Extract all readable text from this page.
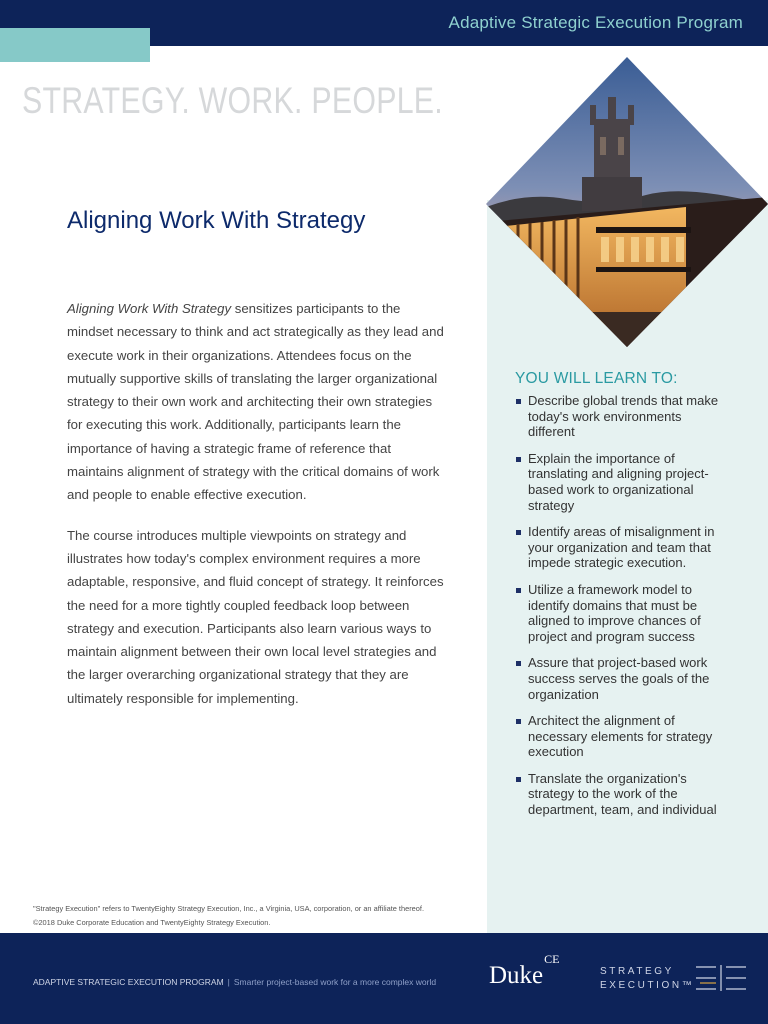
Adaptive Strategic Execution Program
STRATEGY. WORK. PEOPLE.
Aligning Work With Strategy

Aligning Work With Strategy sensitizes participants to the mindset necessary to think and act strategically as they lead and execute work in their organizations. Attendees focus on the mutually supportive skills of translating the larger organizational strategy to their own work and architecting their own strategies for executing this work. Additionally, participants learn the importance of having a strategic frame of reference that maintains alignment of strategy with the critical domains of work and people to enable effective execution.

The course introduces multiple viewpoints on strategy and illustrates how today's complex environment requires a more adaptable, responsive, and fluid concept of strategy. It reinforces the need for a more tightly coupled feedback loop between strategy and execution. Participants also learn various ways to maintain alignment between their own local level strategies and the larger overarching organizational strategy that they are ultimately responsible for implementing.

YOU WILL LEARN TO:
Describe global trends that make today's work environments different
Explain the importance of translating and aligning project-based work to organizational strategy
Identify areas of misalignment in your organization and team that impede strategic execution.
Utilize a framework model to identify domains that must be aligned to improve chances of project and program success
Assure that project-based work success serves the goals of the organization
Architect the alignment of necessary elements for strategy execution
Translate the organization's strategy to the work of the department, team, and individual
"Strategy Execution" refers to TwentyEighty Strategy Execution, Inc., a Virginia, USA, corporation, or an affiliate thereof.
©2018 Duke Corporate Education and TwentyEighty Strategy Execution.
ADAPTIVE STRATEGIC EXECUTION PROGRAM | Smarter project-based work for a more complex world Duke$^{CE}$
STRATEGY
EXECUTION™
